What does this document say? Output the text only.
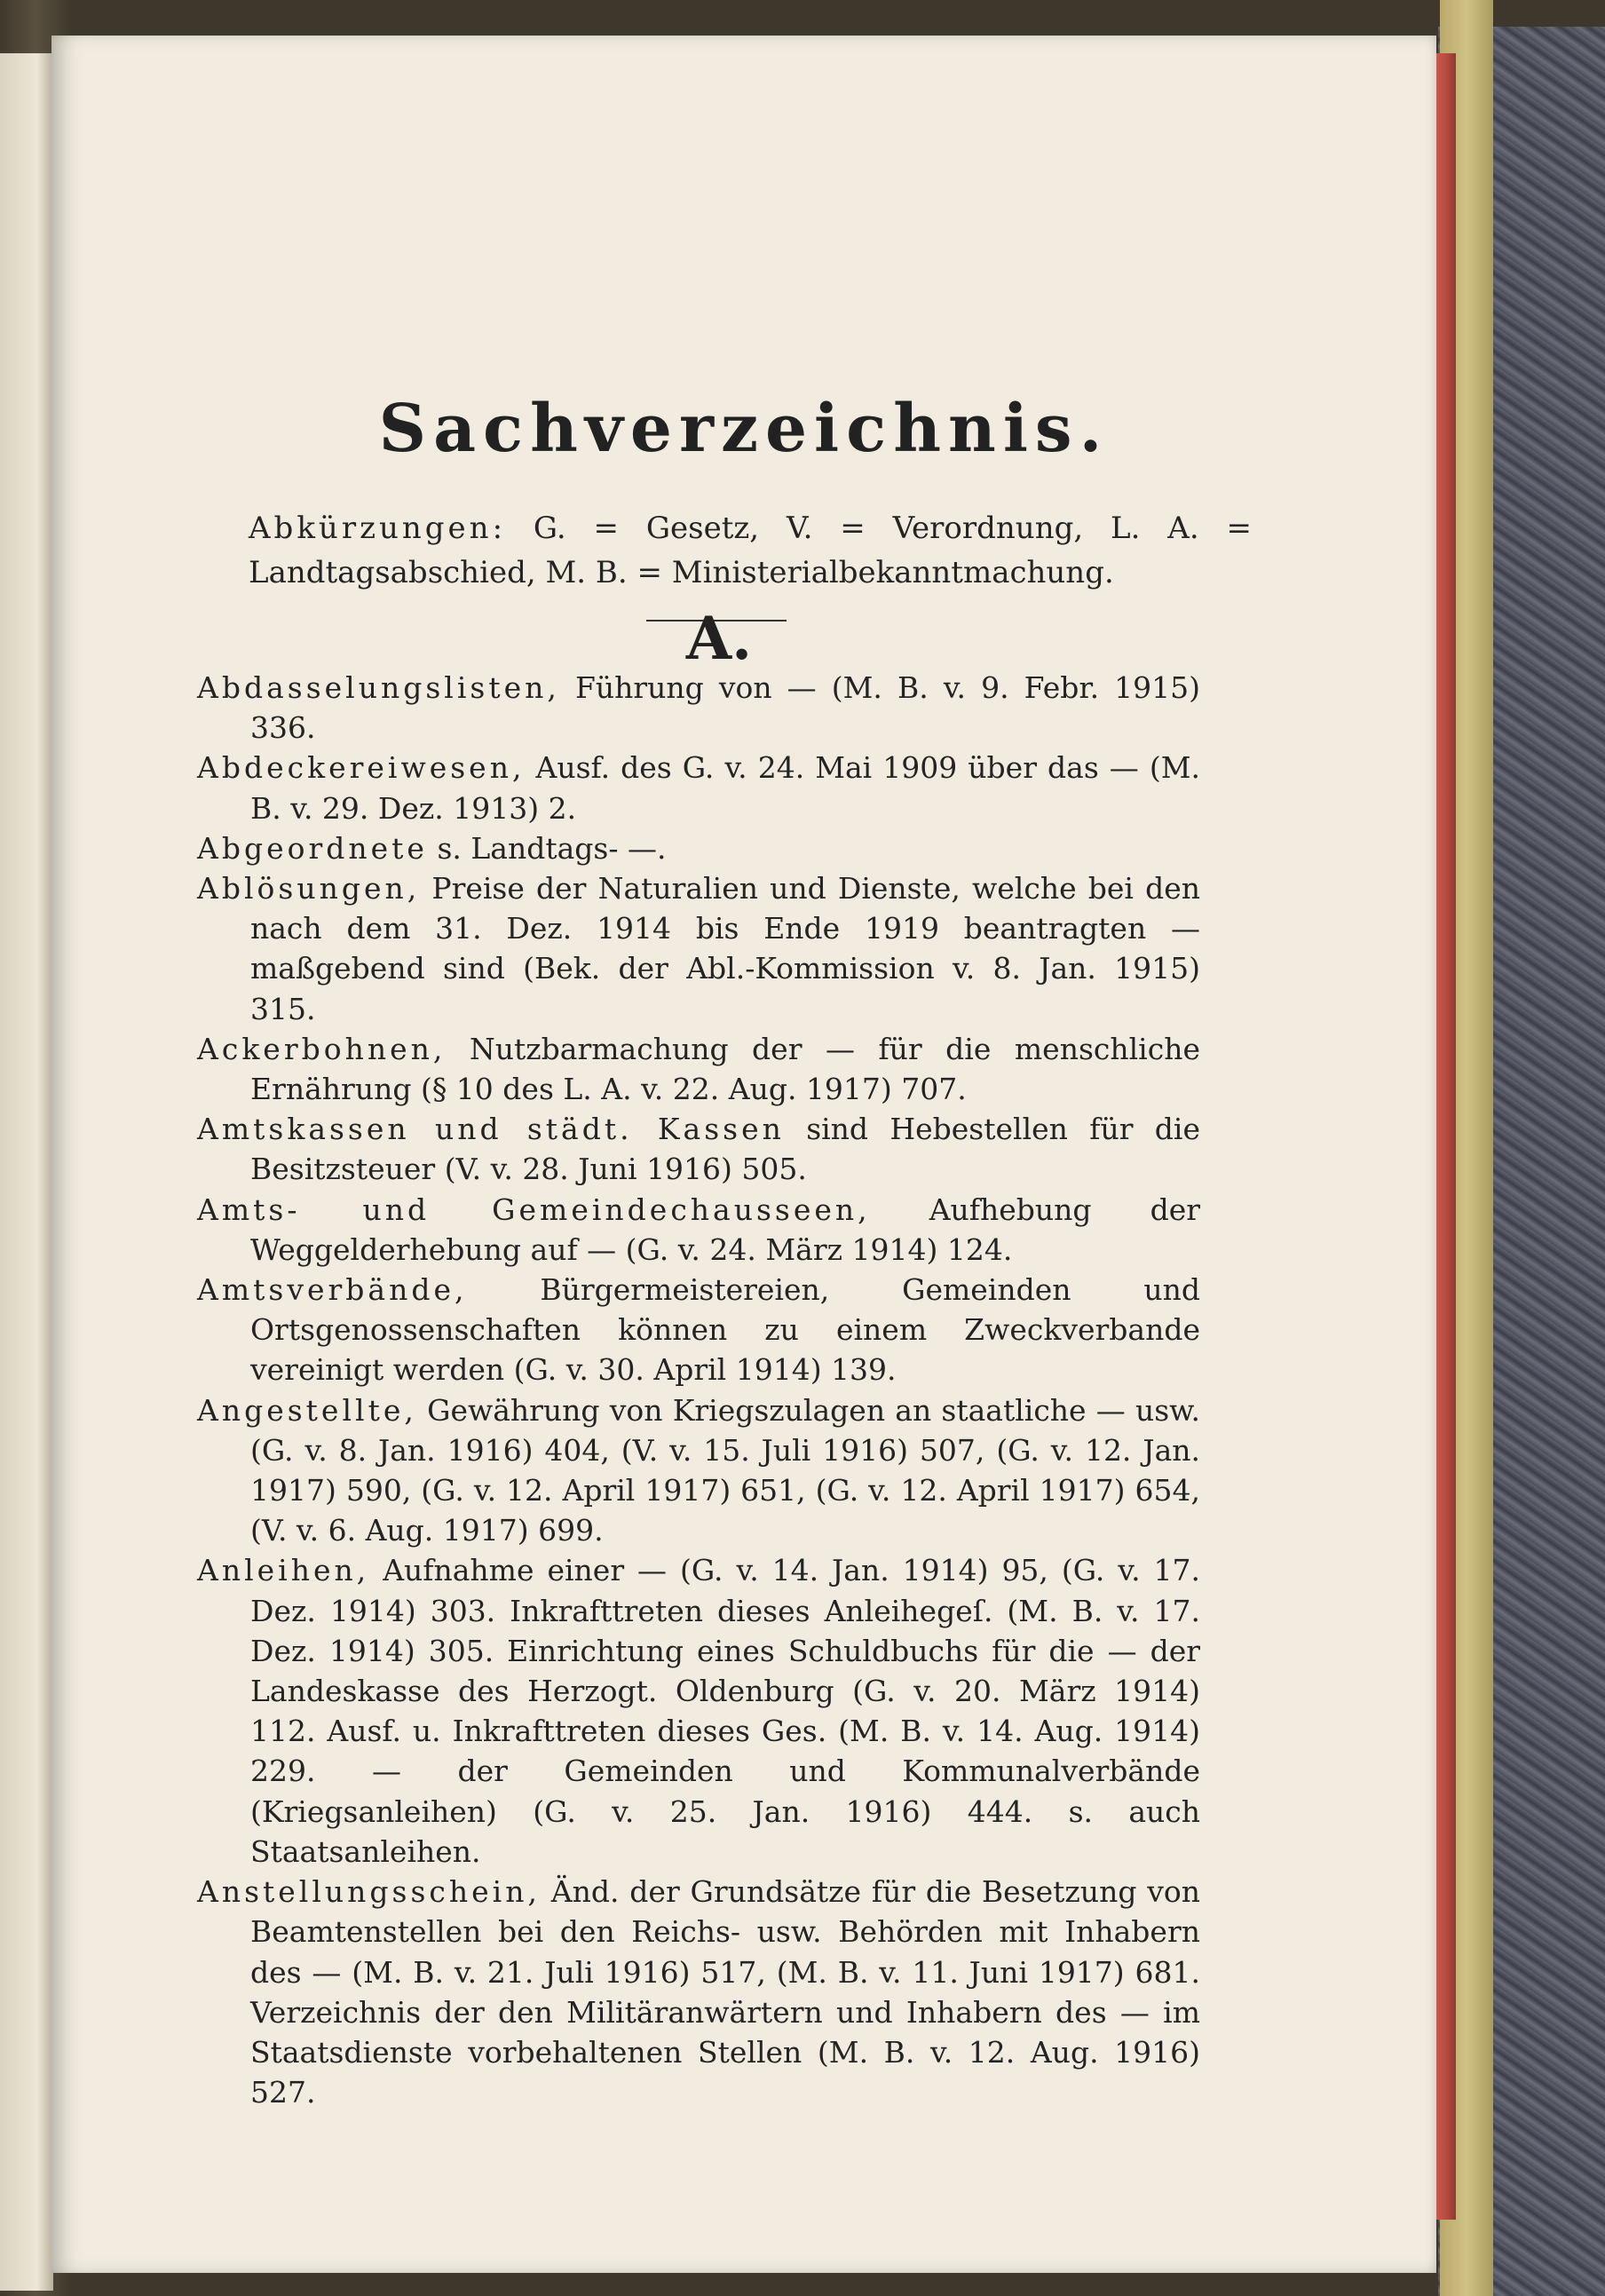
Sachverzeichnis.
Abkürzungen: G. = Gesetz, V. = Verordnung, L. A. = Landtagsabschied, M. B. = Ministerialbekanntmachung.
A.
Abdasselungslisten, Führung von — (M. B. v. 9. Febr. 1915) 336.
Abdeckereiwesen, Ausf. des G. v. 24. Mai 1909 über das — (M. B. v. 29. Dez. 1913) 2.
Abgeordnete s. Landtags- —.
Ablösungen, Preise der Naturalien und Dienste, welche bei den nach dem 31. Dez. 1914 bis Ende 1919 beantragten — maßgebend sind (Bek. der Abl.-Kommission v. 8. Jan. 1915) 315.
Ackerbohnen, Nutzbarmachung der — für die menschliche Ernährung (§ 10 des L. A. v. 22. Aug. 1917) 707.
Amtskassen und städt. Kassen sind Hebestellen für die Besitzsteuer (V. v. 28. Juni 1916) 505.
Amts- und Gemeindechausseen, Aufhebung der Weggelderhebung auf — (G. v. 24. März 1914) 124.
Amtsverbände, Bürgermeistereien, Gemeinden und Ortsgenossenschaften können zu einem Zweckverbande vereinigt werden (G. v. 30. April 1914) 139.
Angestellte, Gewährung von Kriegszulagen an staatliche — usw. (G. v. 8. Jan. 1916) 404, (V. v. 15. Juli 1916) 507, (G. v. 12. Jan. 1917) 590, (G. v. 12. April 1917) 651, (G. v. 12. April 1917) 654, (V. v. 6. Aug. 1917) 699.
Anleihen, Aufnahme einer — (G. v. 14. Jan. 1914) 95, (G. v. 17. Dez. 1914) 303. Inkrafttreten dieses Anleihegeſ. (M. B. v. 17. Dez. 1914) 305. Einrichtung eines Schuldbuchs für die — der Landeskasse des Herzogt. Oldenburg (G. v. 20. März 1914) 112. Ausf. u. Inkrafttreten dieses Ges. (M. B. v. 14. Aug. 1914) 229. — der Gemeinden und Kommunalverbände (Kriegsanleihen) (G. v. 25. Jan. 1916) 444. s. auch Staatsanleihen.
Anstellungsschein, Änd. der Grundsätze für die Besetzung von Beamtenstellen bei den Reichs- usw. Behörden mit Inhabern des — (M. B. v. 21. Juli 1916) 517, (M. B. v. 11. Juni 1917) 681. Verzeichnis der den Militäranwärtern und Inhabern des — im Staatsdienste vorbehaltenen Stellen (M. B. v. 12. Aug. 1916) 527.
